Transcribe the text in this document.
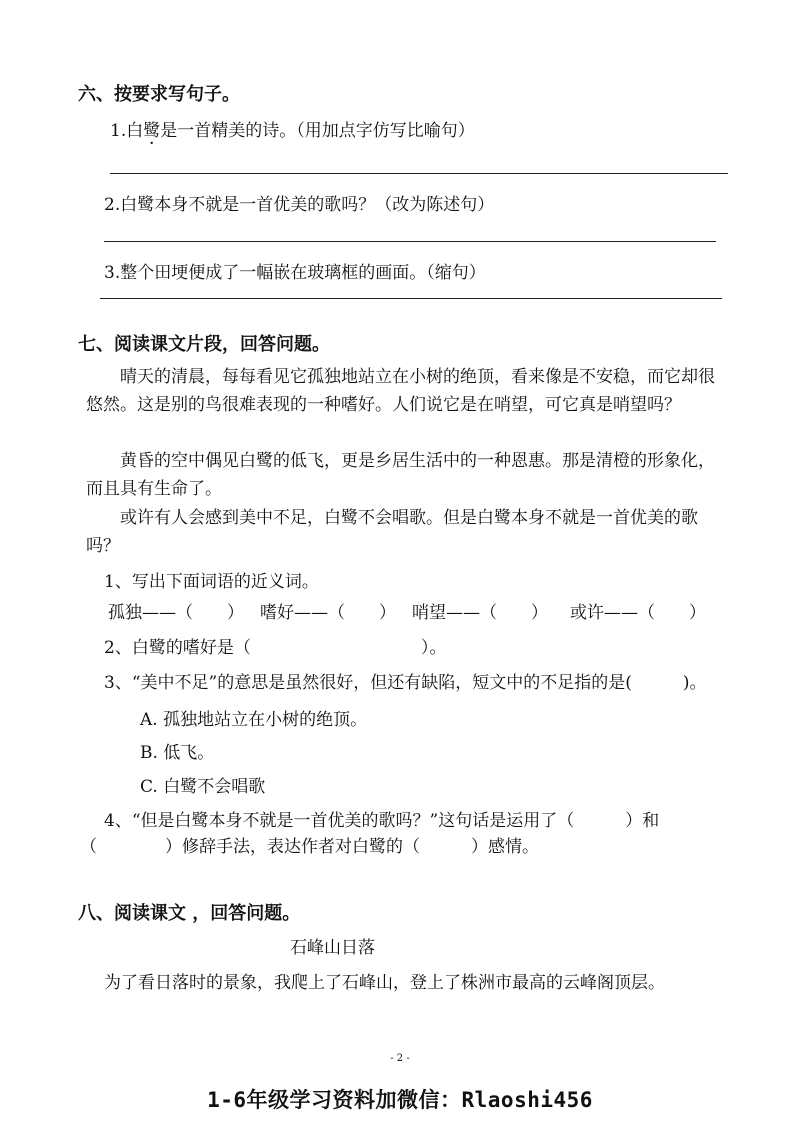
六、按要求写句子。
1.白鹭是一首精美的诗。（用加点字仿写比喻句）
2.白鹭本身不就是一首优美的歌吗？（改为陈述句）
3.整个田埂便成了一幅嵌在玻璃框的画面。（缩句）
七、阅读课文片段，回答问题。
晴天的清晨，每每看见它孤独地站立在小树的绝顶，看来像是不安稳，而它却很悠然。这是别的鸟很难表现的一种嗜好。人们说它是在哨望，可它真是哨望吗？
黄昏的空中偶见白鹭的低飞，更是乡居生活中的一种恩惠。那是清橙的形象化，而且具有生命了。
或许有人会感到美中不足，白鹭不会唱歌。但是白鹭本身不就是一首优美的歌吗？
1、写出下面词语的近义词。
孤独——（　　） 嗜好——（　　） 哨望——（　　） 或许——（　　）
2、白鹭的嗜好是（　　　　　　　　　　）。
3、“美中不足”的意思是虽然很好，但还有缺陷，短文中的不足指的是(　　　)。
A. 孤独地站立在小树的绝顶。
B. 低飞。
C. 白鹭不会唱歌
4、“但是白鹭本身不就是一首优美的歌吗？”这句话是运用了（　　　）和
（　　　　）修辞手法，表达作者对白鹭的（　　　）感情。
八、阅读课文 ，回答问题。
石峰山日落
为了看日落时的景象，我爬上了石峰山，登上了株洲市最高的云峰阁顶层。
- 2 -
1-6年级学习资料加微信：Rlaoshi456
